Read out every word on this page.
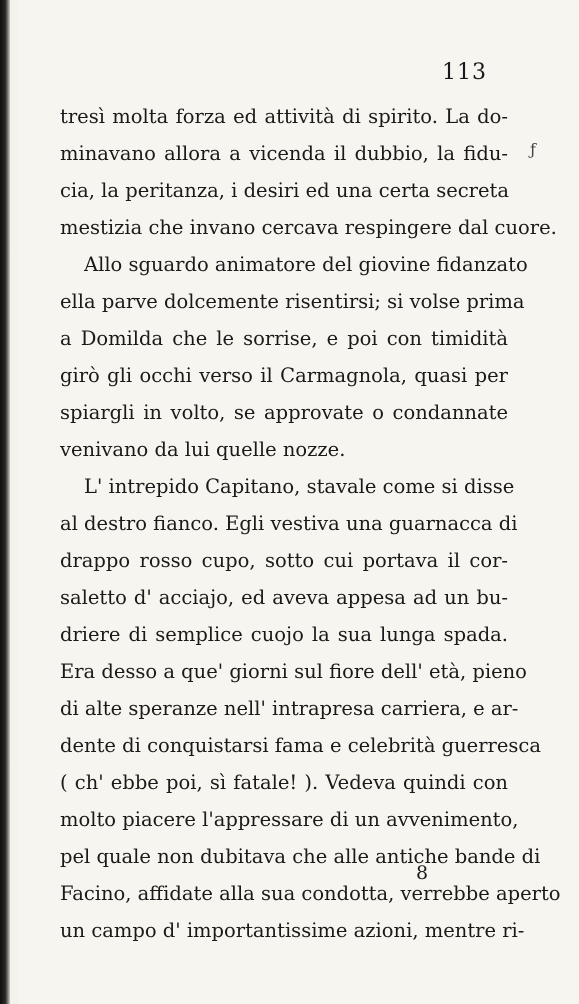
113
ƒ
tresì molta forza ed attività di spirito. La do-
minavano allora a vicenda il dubbio, la fidu-
cia, la peritanza, i desiri ed una certa secreta
mestizia che invano cercava respingere dal cuore.
Allo sguardo animatore del giovine fidanzato
ella parve dolcemente risentirsi; si volse prima
a Domilda che le sorrise, e poi con timidità
girò gli occhi verso il Carmagnola, quasi per
spiargli in volto, se approvate o condannate
venivano da lui quelle nozze.
L' intrepido Capitano, stavale come si disse
al destro fianco. Egli vestiva una guarnacca di
drappo rosso cupo, sotto cui portava il cor-
saletto d' acciajo, ed aveva appesa ad un bu-
driere di semplice cuojo la sua lunga spada.
Era desso a que' giorni sul fiore dell' età, pieno
di alte speranze nell' intrapresa carriera, e ar-
dente di conquistarsi fama e celebrità guerresca
( ch' ebbe poi, sì fatale! ). Vedeva quindi con
molto piacere l'appressare di un avvenimento,
pel quale non dubitava che alle antiche bande di
Facino, affidate alla sua condotta, verrebbe aperto
un campo d' importantissime azioni, mentre ri-
8
